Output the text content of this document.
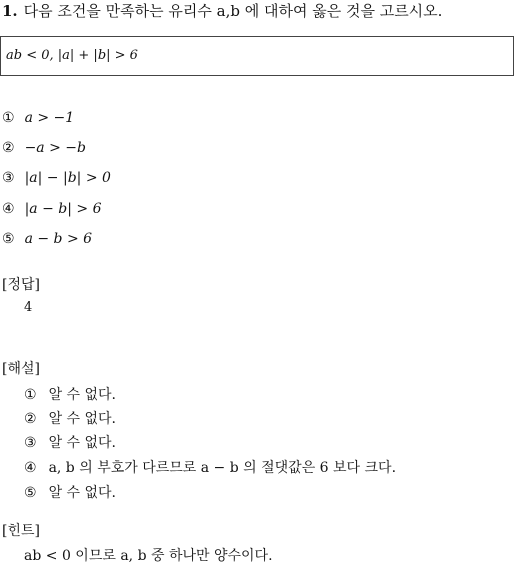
1. 다음 조건을 만족하는 유리수 a,b 에 대하여 옳은 것을 고르시오.
ab < 0, |a| + |b| > 6
① a > −1
② −a > −b
③ |a| − |b| > 0
④ |a − b| > 6
⑤ a − b > 6
[정답]
4
[해설]
① 알 수 없다.
② 알 수 없다.
③ 알 수 없다.
④ a, b 의 부호가 다르므로 a − b 의 절댓값은 6 보다 크다.
⑤ 알 수 없다.
[힌트]
ab < 0 이므로 a, b 중 하나만 양수이다.
